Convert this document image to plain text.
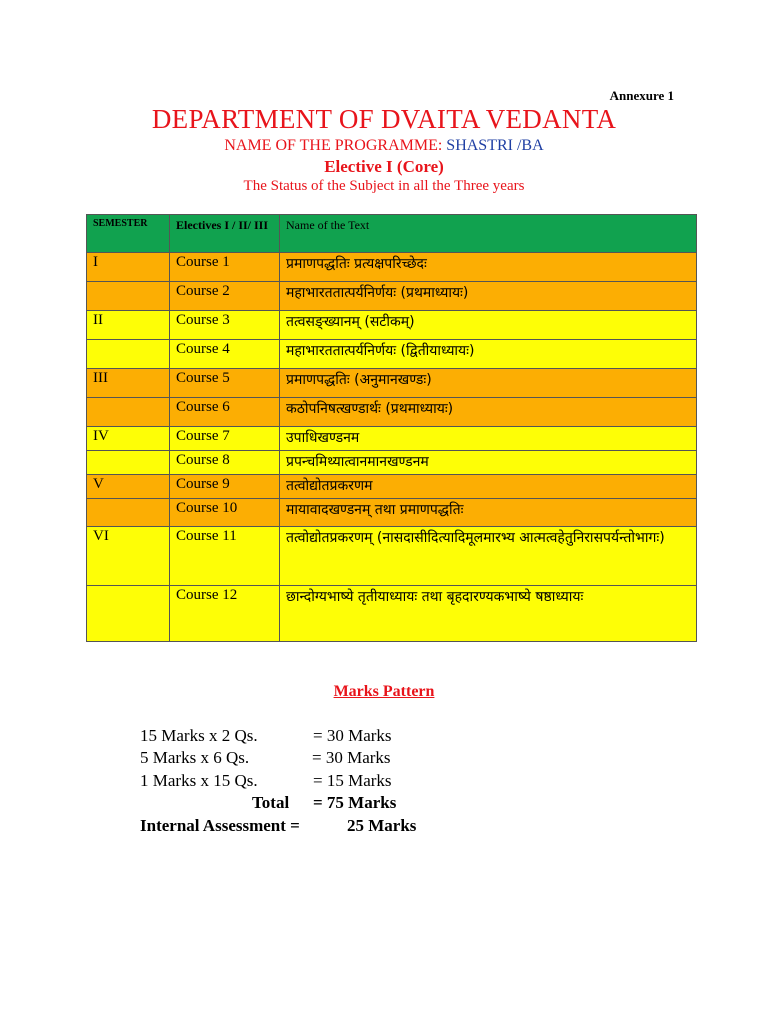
Annexure 1
DEPARTMENT OF DVAITA VEDANTA
NAME OF THE PROGRAMME: SHASTRI /BA
Elective I (Core)
The Status of the Subject in all the Three years
SEMESTER	Electives I / II/ III	Name of the Text
I	Course 1	प्रमाणपद्धतिः प्रत्यक्षपरिच्छेदः
	Course 2	महाभारततात्पर्यनिर्णयः (प्रथमाध्यायः)
II	Course 3	तत्वसङ्ख्यानम् (सटीकम्)
	Course 4	महाभारततात्पर्यनिर्णयः (द्वितीयाध्यायः)
III	Course 5	प्रमाणपद्धतिः (अनुमानखण्डः)
	Course 6	कठोपनिषत्खण्डार्थः (प्रथमाध्यायः)
IV	Course 7	उपाधिखण्डनम
	Course 8	प्रपन्चमिथ्यात्वानमानखण्डनम
V	Course 9	तत्वोद्योतप्रकरणम
	Course 10	मायावादखण्डनम् तथा प्रमाणपद्धतिः
VI	Course 11	तत्वोद्योतप्रकरणम् (नासदासीदित्यादिमूलमारभ्य आत्मत्वहेतुनिरासपर्यन्तोभागः)
	Course 12	छान्दोग्यभाष्ये तृतीयाध्यायः तथा बृहदारण्यकभाष्ये षष्ठाध्यायः
Marks Pattern
15 Marks x 2 Qs.	= 30 Marks
5 Marks x 6 Qs.	= 30 Marks
1 Marks x 15 Qs.	= 15 Marks
Total = 75 Marks
Internal Assessment =	25 Marks
